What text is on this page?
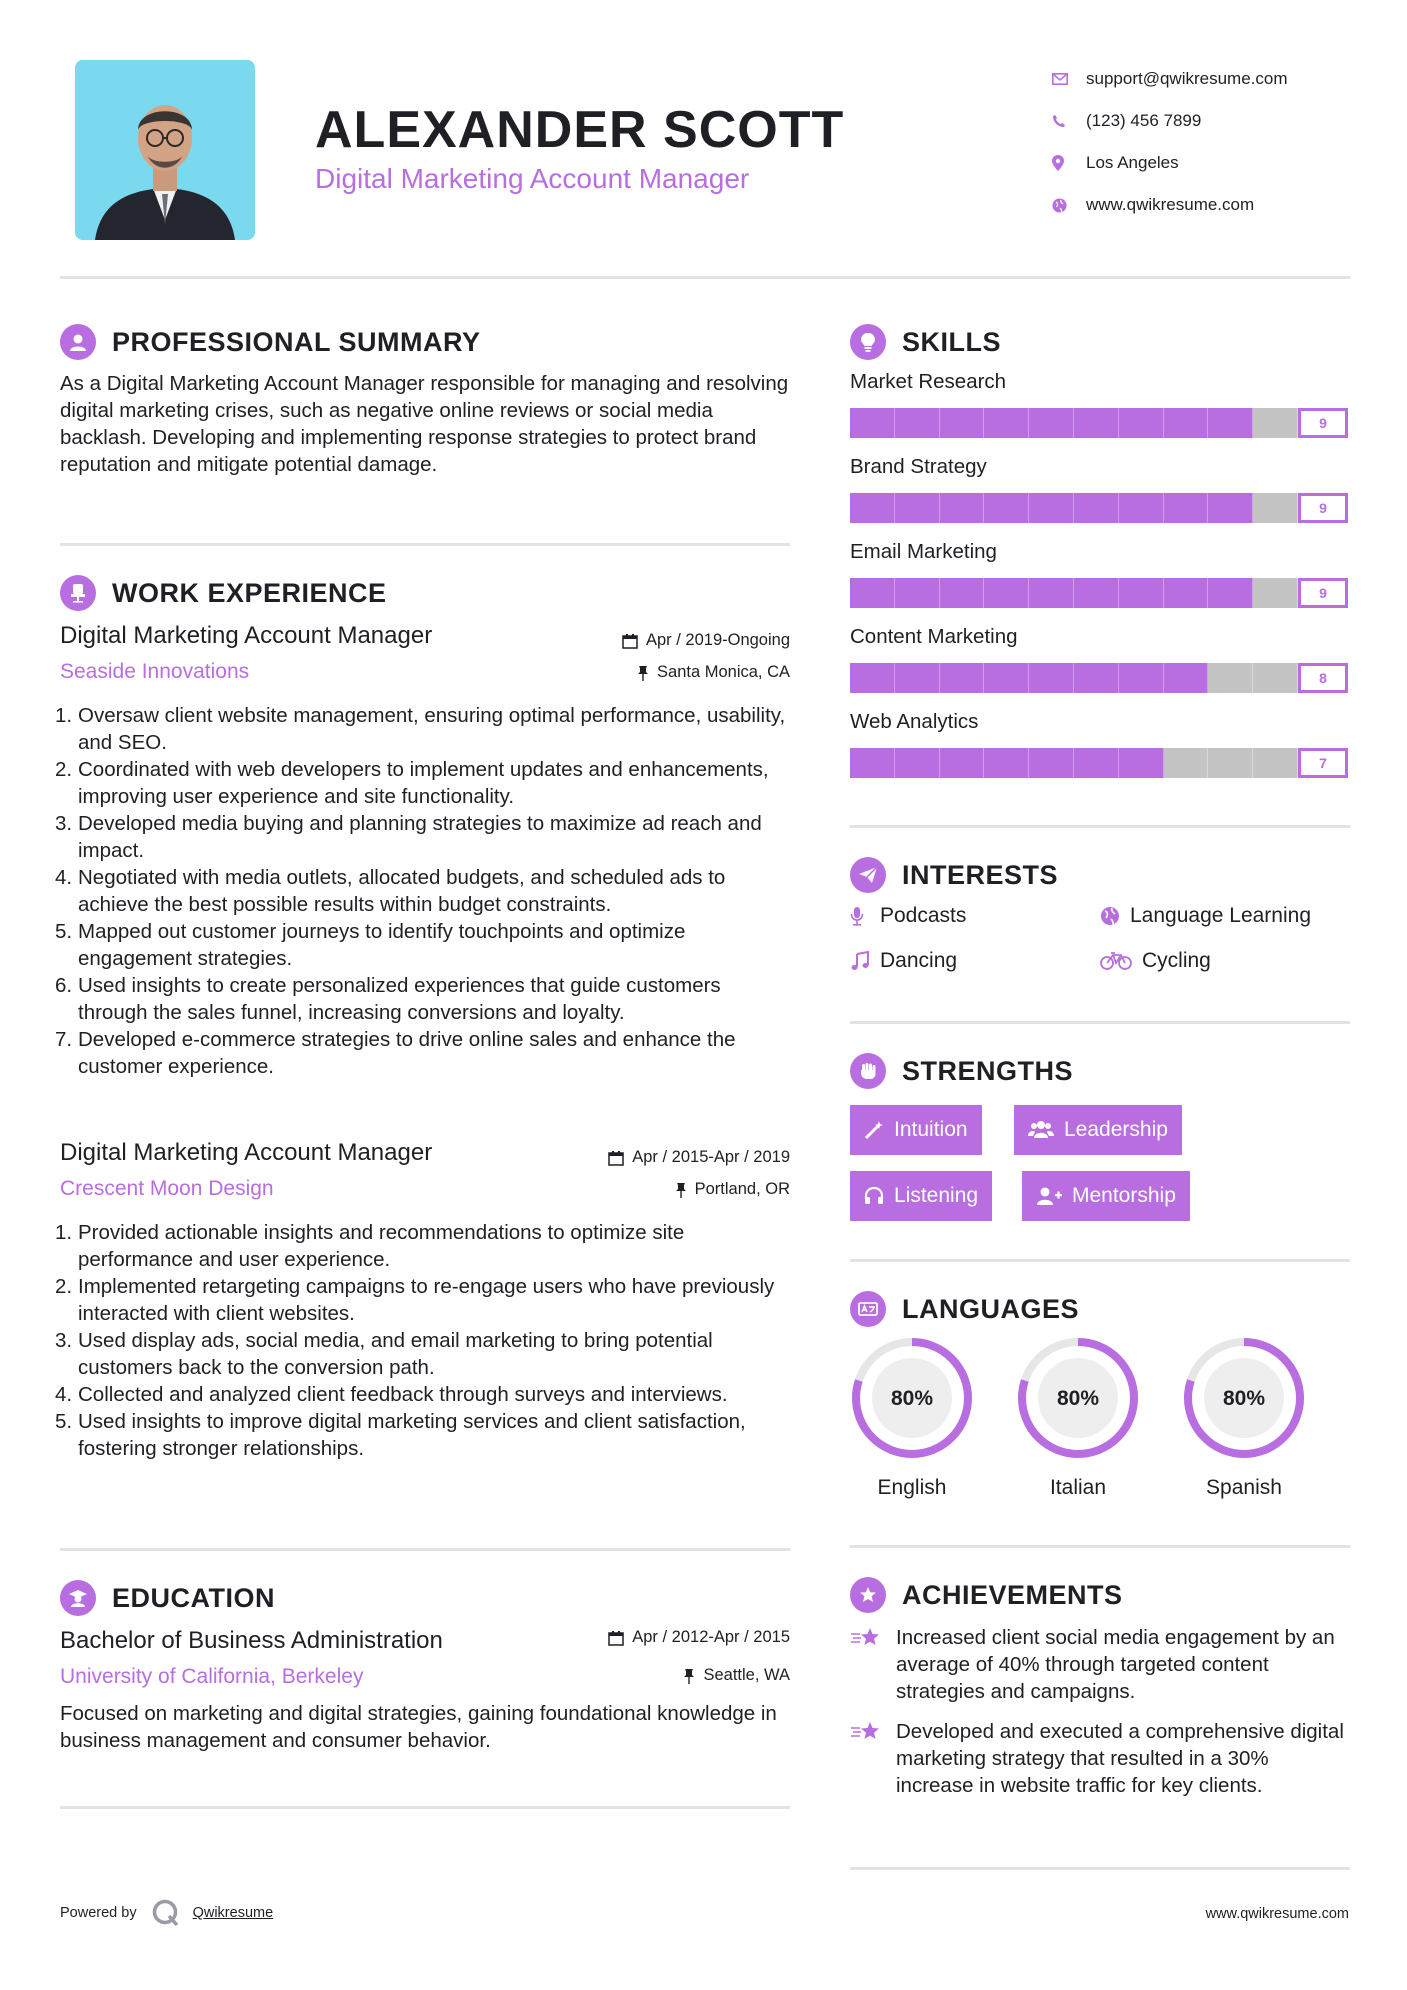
ALEXANDER SCOTT
Digital Marketing Account Manager
support@qwikresume.com
(123) 456 7899
Los Angeles
www.qwikresume.com
PROFESSIONAL SUMMARY
As a Digital Marketing Account Manager responsible for managing and resolving digital marketing crises, such as negative online reviews or social media backlash. Developing and implementing response strategies to protect brand reputation and mitigate potential damage.
WORK EXPERIENCE
Digital Marketing Account Manager	Apr / 2019-Ongoing
Seaside Innovations	Santa Monica, CA
1. Oversaw client website management, ensuring optimal performance, usability, and SEO.
2. Coordinated with web developers to implement updates and enhancements, improving user experience and site functionality.
3. Developed media buying and planning strategies to maximize ad reach and impact.
4. Negotiated with media outlets, allocated budgets, and scheduled ads to achieve the best possible results within budget constraints.
5. Mapped out customer journeys to identify touchpoints and optimize engagement strategies.
6. Used insights to create personalized experiences that guide customers through the sales funnel, increasing conversions and loyalty.
7. Developed e-commerce strategies to drive online sales and enhance the customer experience.
Digital Marketing Account Manager	Apr / 2015-Apr / 2019
Crescent Moon Design	Portland, OR
1. Provided actionable insights and recommendations to optimize site performance and user experience.
2. Implemented retargeting campaigns to re-engage users who have previously interacted with client websites.
3. Used display ads, social media, and email marketing to bring potential customers back to the conversion path.
4. Collected and analyzed client feedback through surveys and interviews.
5. Used insights to improve digital marketing services and client satisfaction, fostering stronger relationships.
EDUCATION
Bachelor of Business Administration	Apr / 2012-Apr / 2015
University of California, Berkeley	Seattle, WA
Focused on marketing and digital strategies, gaining foundational knowledge in business management and consumer behavior.
SKILLS
Market Research
9
Brand Strategy
9
Email Marketing
9
Content Marketing
8
Web Analytics
7
INTERESTS
Podcasts	Language Learning
Dancing	Cycling
STRENGTHS
Intuition	Leadership
Listening	Mentorship
LANGUAGES
80%
English
80%
Italian
80%
Spanish
ACHIEVEMENTS
Increased client social media engagement by an average of 40% through targeted content strategies and campaigns.
Developed and executed a comprehensive digital marketing strategy that resulted in a 30% increase in website traffic for key clients.
Powered by	Qwikresume	www.qwikresume.com
